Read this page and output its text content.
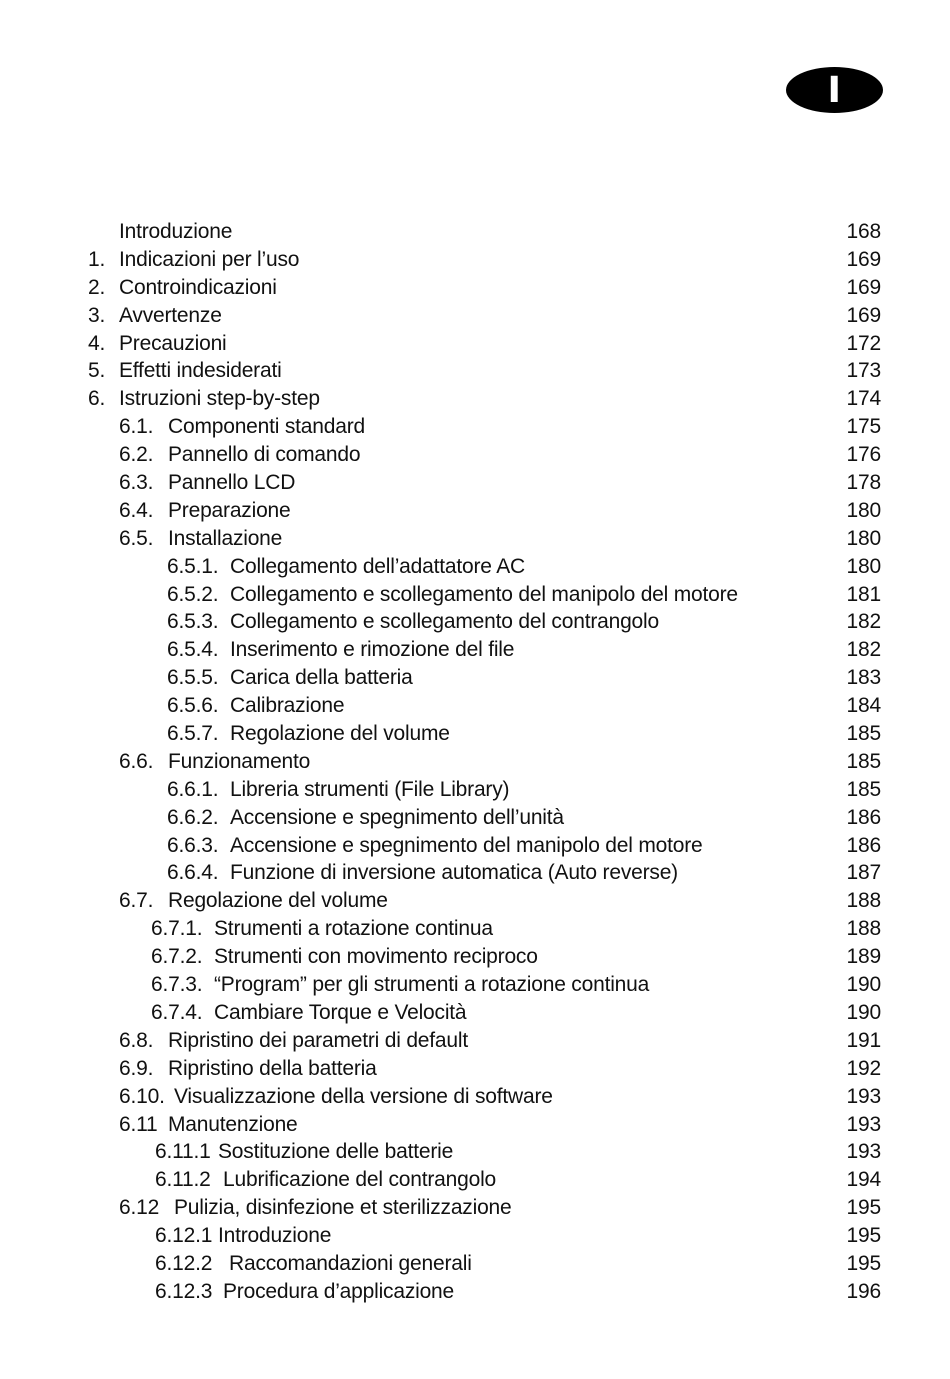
I
Introduzione	168
1. Indicazioni per l’uso	169
2. Controindicazioni	169
3. Avvertenze	169
4. Precauzioni	172
5. Effetti indesiderati	173
6. Istruzioni step-by-step	174
6.1. Componenti standard	175
6.2. Pannello di comando	176
6.3. Pannello LCD	178
6.4. Preparazione	180
6.5. Installazione	180
6.5.1. Collegamento dell’adattatore AC	180
6.5.2. Collegamento e scollegamento del manipolo del motore	181
6.5.3. Collegamento e scollegamento del contrangolo	182
6.5.4. Inserimento e rimozione del file	182
6.5.5. Carica della batteria	183
6.5.6. Calibrazione	184
6.5.7. Regolazione del volume	185
6.6. Funzionamento	185
6.6.1. Libreria strumenti (File Library)	185
6.6.2. Accensione e spegnimento dell’unità	186
6.6.3. Accensione e spegnimento del manipolo del motore	186
6.6.4. Funzione di inversione automatica (Auto reverse)	187
6.7. Regolazione del volume	188
6.7.1. Strumenti a rotazione continua	188
6.7.2. Strumenti con movimento reciproco	189
6.7.3. “Program” per gli strumenti a rotazione continua	190
6.7.4. Cambiare Torque e Velocità	190
6.8. Ripristino dei parametri di default	191
6.9. Ripristino della batteria	192
6.10. Visualizzazione della versione di software	193
6.11 Manutenzione	193
6.11.1 Sostituzione delle batterie	193
6.11.2 Lubrificazione del contrangolo	194
6.12 Pulizia, disinfezione et sterilizzazione	195
6.12.1 Introduzione	195
6.12.2 Raccomandazioni generali	195
6.12.3 Procedura d’applicazione	196
